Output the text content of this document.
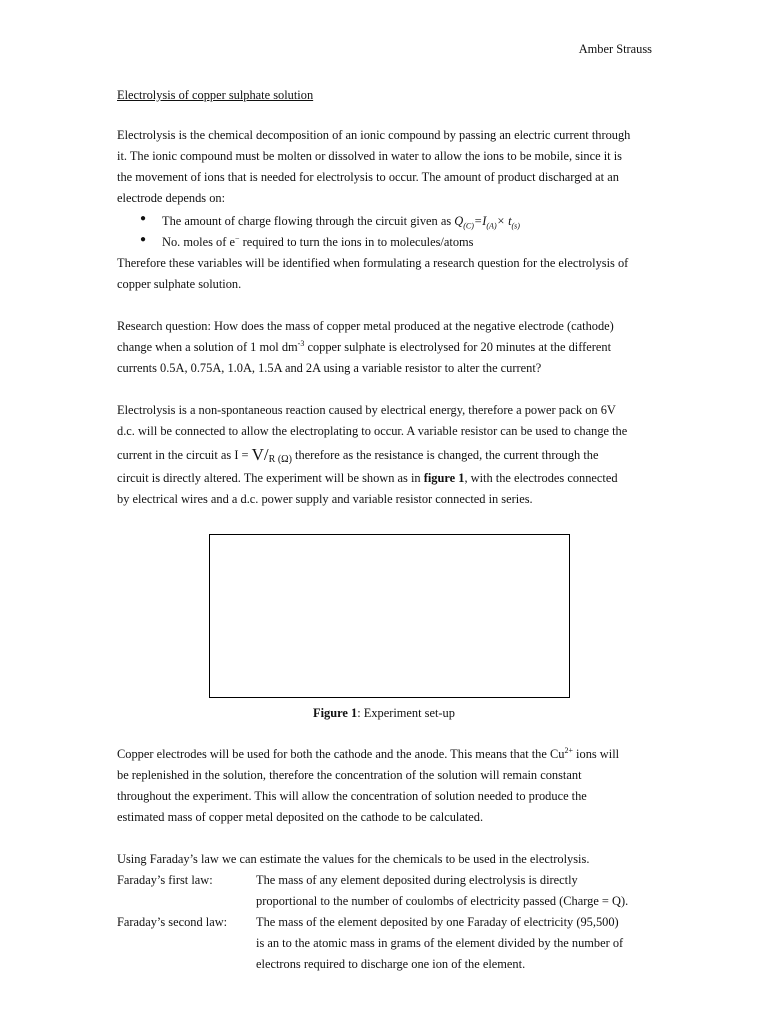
Amber Strauss
Electrolysis of copper sulphate solution
Electrolysis is the chemical decomposition of an ionic compound by passing an electric current through
it. The ionic compound must be molten or dissolved in water to allow the ions to be mobile, since it is
the movement of ions that is needed for electrolysis to occur. The amount of product discharged at an
electrode depends on:
● The amount of charge flowing through the circuit given as $Q_{(C)}=I_{(A)}\times t_{(s)}$
● No. moles of e− required to turn the ions in to molecules/atoms
Therefore these variables will be identified when formulating a research question for the electrolysis of
copper sulphate solution.
Research question: How does the mass of copper metal produced at the negative electrode (cathode)
change when a solution of 1 mol $dm^{-3}$ copper sulphate is electrolysed for 20 minutes at the different
currents 0.5A, 0.75A, 1.0A, 1.5A and 2A using a variable resistor to alter the current?
Electrolysis is a non-spontaneous reaction caused by electrical energy, therefore a power pack on 6V
d.c. will be connected to allow the electroplating to occur. A variable resistor can be used to change the
current in the circuit as $I = V/_{R (\Omega)}$ therefore as the resistance is changed, the current through the
circuit is directly altered. The experiment will be shown as in figure 1, with the electrodes connected
by electrical wires and a d.c. power supply and variable resistor connected in series.
Figure 1: Experiment set-up
Copper electrodes will be used for both the cathode and the anode. This means that the $Cu^{2+}$ ions will
be replenished in the solution, therefore the concentration of the solution will remain constant
throughout the experiment. This will allow the concentration of solution needed to produce the
estimated mass of copper metal deposited on the cathode to be calculated.
Using Faraday’s law we can estimate the values for the chemicals to be used in the electrolysis.
Faraday’s first law:	The mass of any element deposited during electrolysis is directly
proportional to the number of coulombs of electricity passed (Charge = Q).
Faraday’s second law: The mass of the element deposited by one Faraday of electricity (95,500)
is an to the atomic mass in grams of the element divided by the number of
electrons required to discharge one ion of the element.
